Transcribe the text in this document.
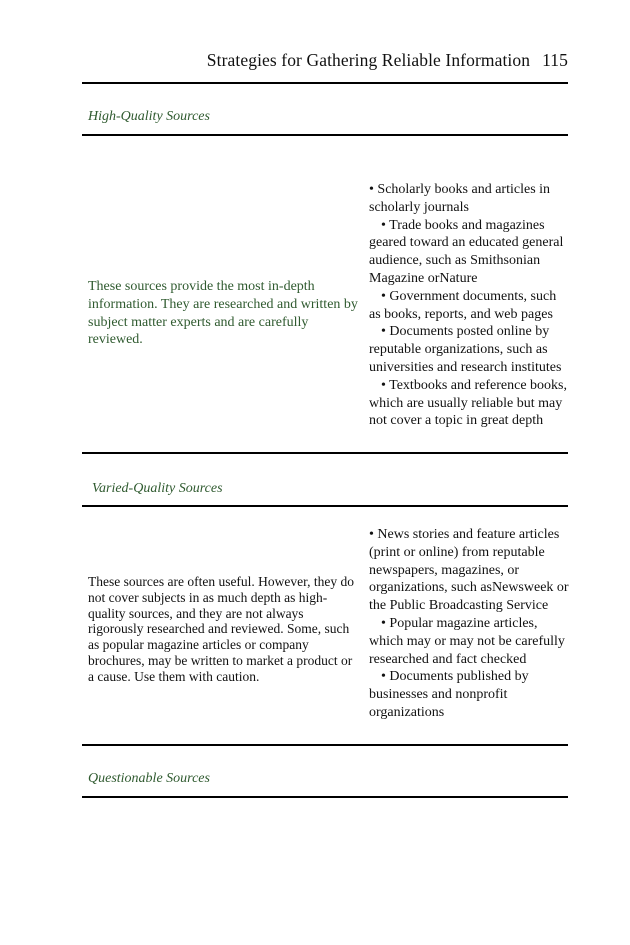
Strategies for Gathering Reliable Information 115
High-Quality Sources
These sources provide the most in-depth information. They are researched and written by subject matter experts and are carefully reviewed.
• Scholarly books and articles in scholarly journals
• Trade books and magazines geared toward an educated general audience, such as Smithsonian Magazine orNature
• Government documents, such as books, reports, and web pages
• Documents posted online by reputable organizations, such as universities and research institutes
• Textbooks and reference books, which are usually reliable but may not cover a topic in great depth
Varied-Quality Sources
These sources are often useful. However, they do not cover subjects in as much depth as high-quality sources, and they are not always rigorously researched and reviewed. Some, such as popular magazine articles or company brochures, may be written to market a product or a cause. Use them with caution.
• News stories and feature articles (print or online) from reputable newspapers, magazines, or organizations, such asNewsweek or the Public Broadcasting Service
• Popular magazine articles, which may or may not be carefully researched and fact checked
• Documents published by businesses and nonprofit organizations
Questionable Sources
